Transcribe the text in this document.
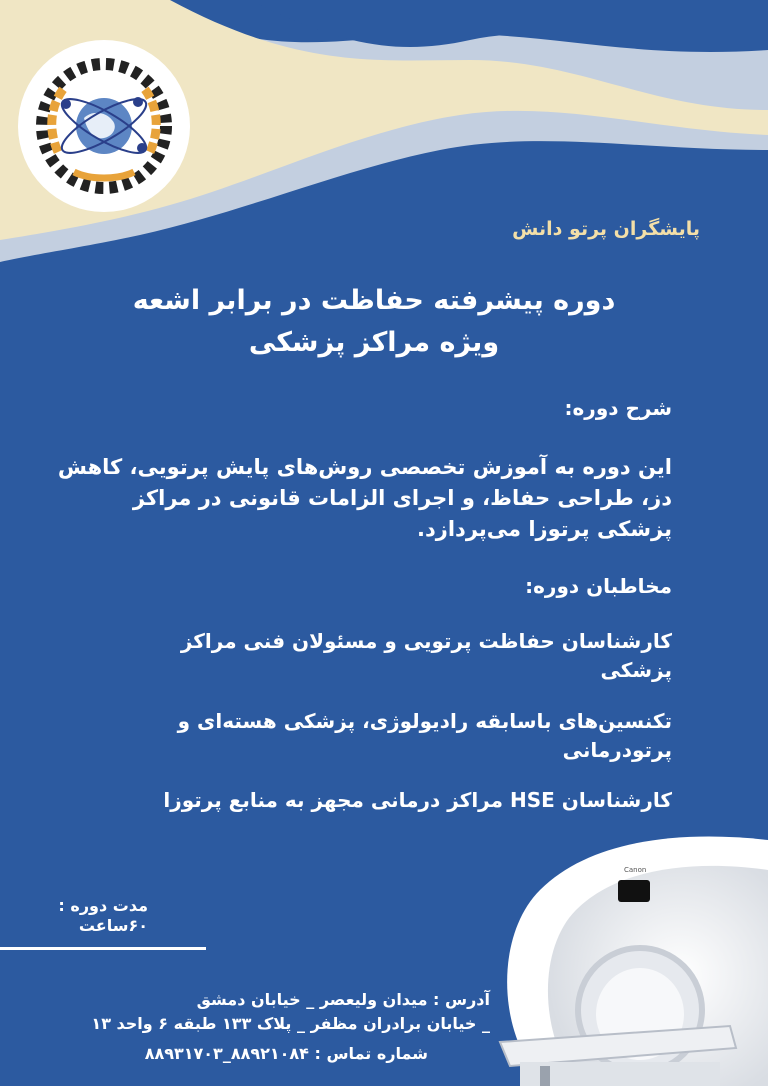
پایشگران پرتو دانش
دوره پیشرفته حفاظت در برابر اشعه
ویژه مراکز پزشکی
شرح دوره:
این دوره به آموزش تخصصی روش‌های پایش پرتویی، کاهش دز، طراحی حفاظ، و اجرای الزامات قانونی در مراکز پزشکی پرتوزا می‌پردازد.
مخاطبان دوره:
کارشناسان حفاظت پرتویی و مسئولان فنی مراکز پزشکی
تکنسین‌های باسابقه رادیولوژی، پزشکی هسته‌ای و پرتودرمانی
کارشناسان HSE مراکز درمانی مجهز به منابع پرتوزا
مدت دوره :
۶۰ساعت
آدرس : میدان ولیعصر _ خیابان دمشق
_ خیابان برادران مظفر _ پلاک ۱۳۳ طبقه ۶ واحد ۱۳
شماره تماس : ۸۸۹۲۱۰۸۴_۸۸۹۳۱۷۰۳
Canon
